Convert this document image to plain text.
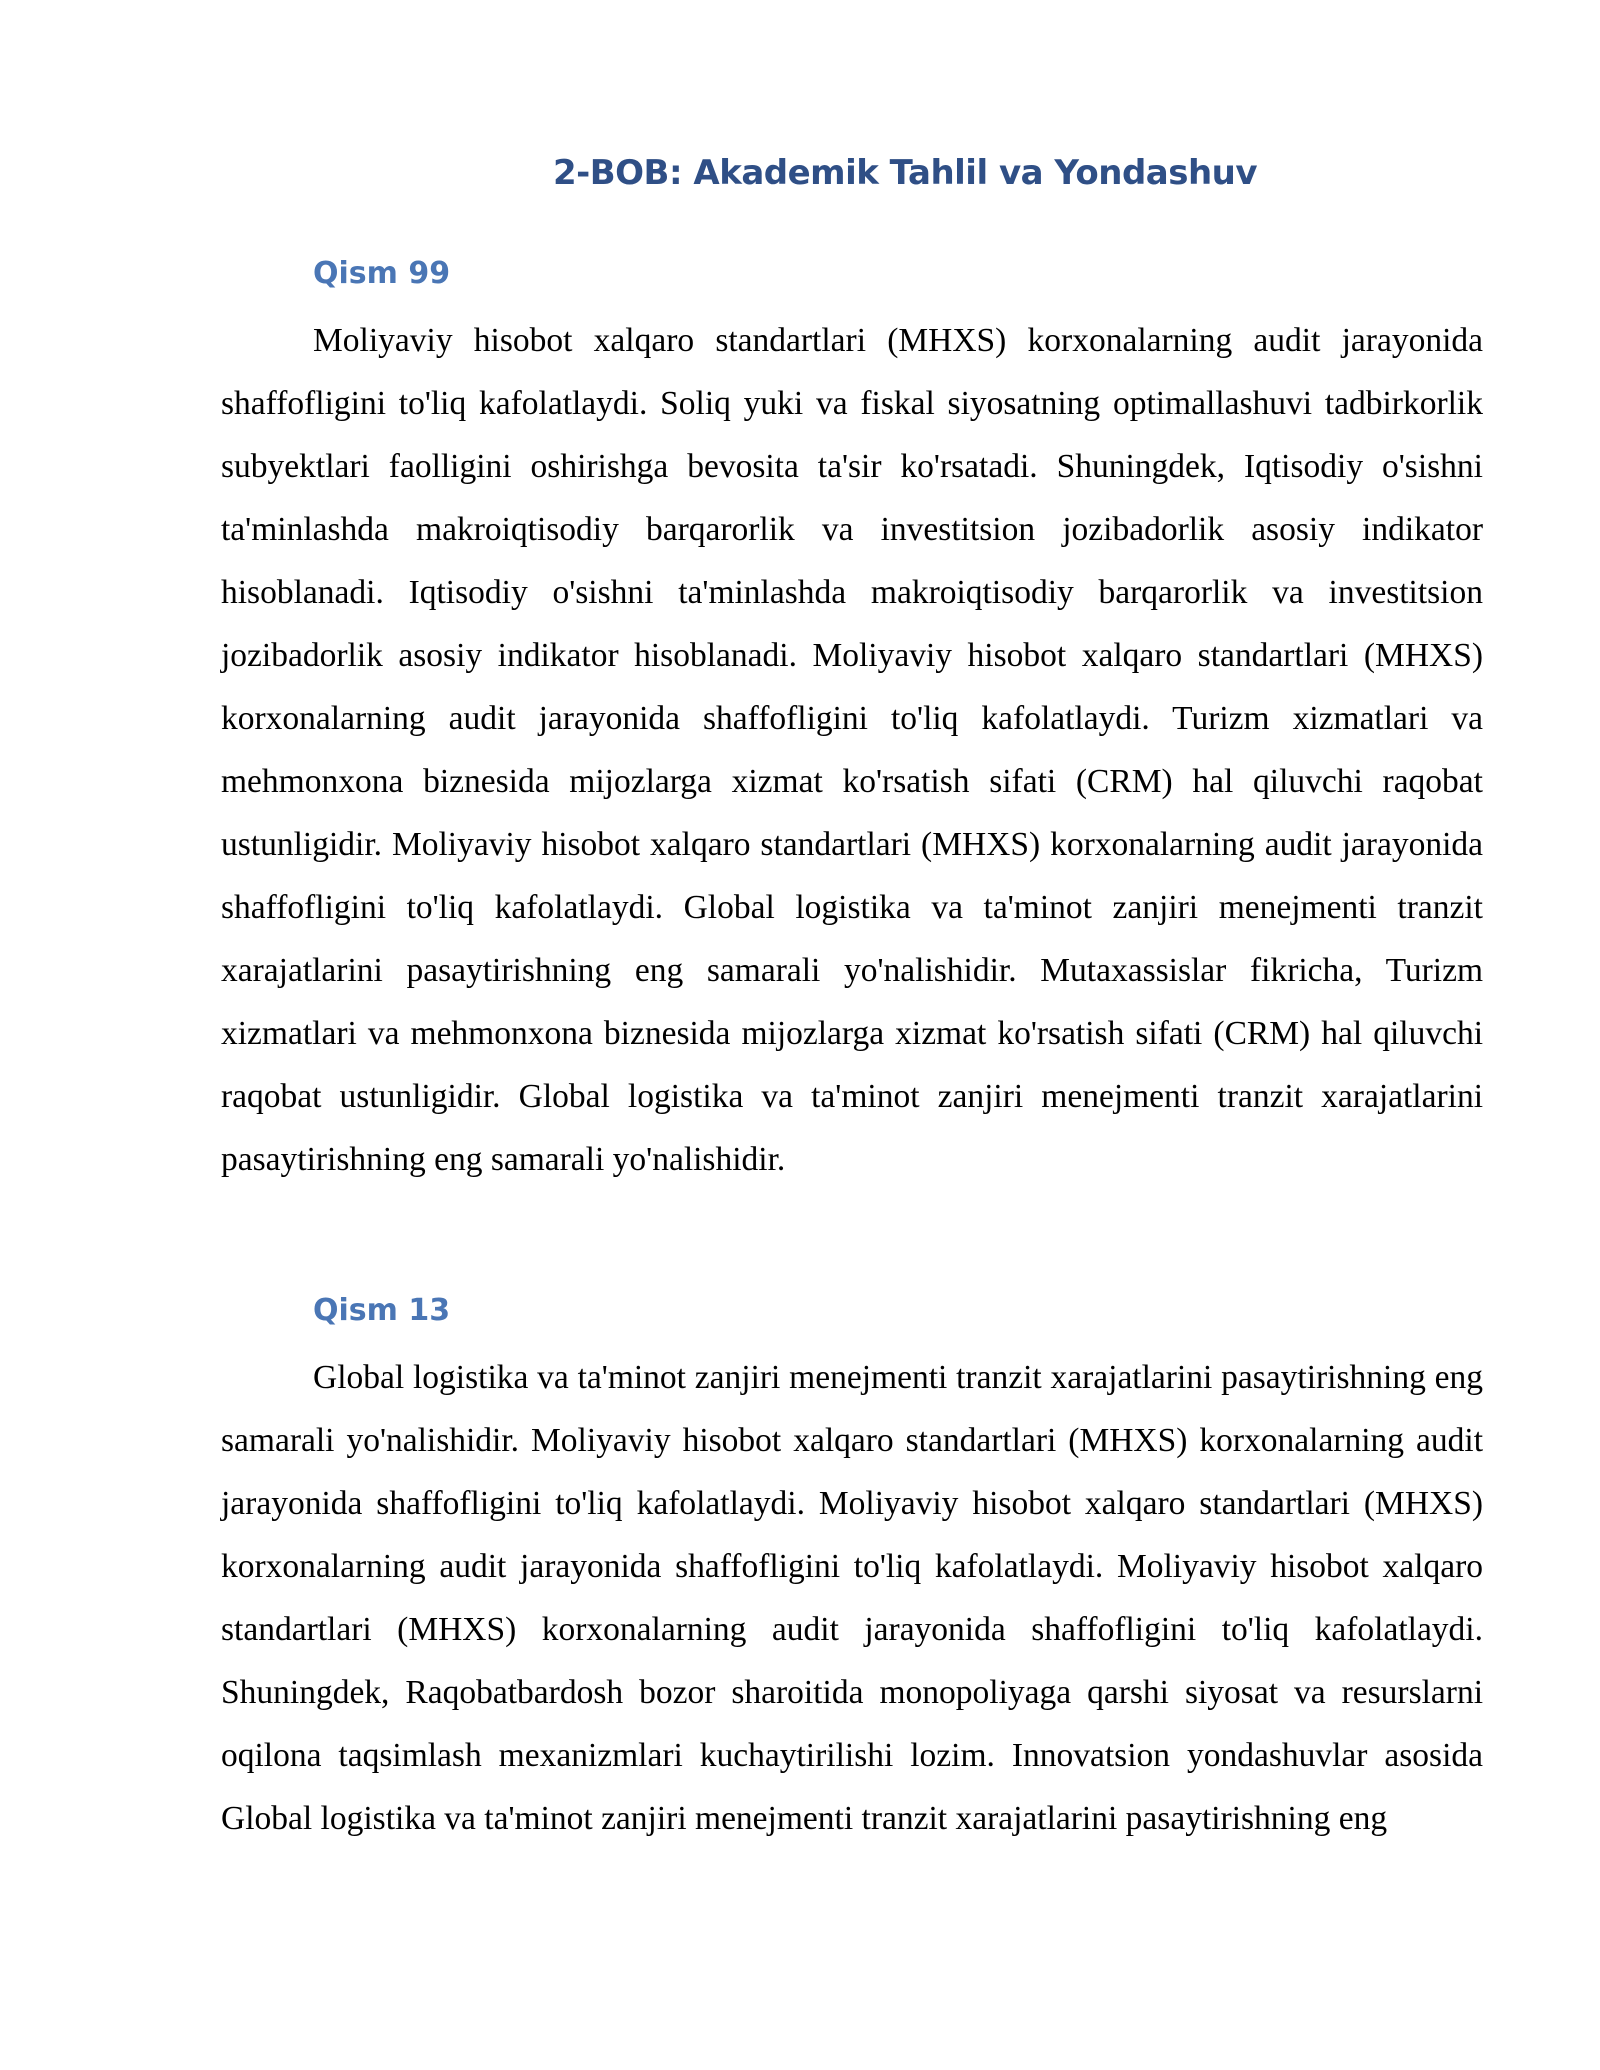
2-BOB: Akademik Tahlil va Yondashuv
Qism 99

Moliyaviy hisobot xalqaro standartlari (MHXS) korxonalarning audit jarayonida shaffofligini to'liq kafolatlaydi. Soliq yuki va fiskal siyosatning optimallashuvi tadbirkorlik subyektlari faolligini oshirishga bevosita ta'sir ko'rsatadi. Shuningdek, Iqtisodiy o'sishni ta'minlashda makroiqtisodiy barqarorlik va investitsion jozibadorlik asosiy indikator hisoblanadi. Iqtisodiy o'sishni ta'minlashda makroiqtisodiy barqarorlik va investitsion jozibadorlik asosiy indikator hisoblanadi. Moliyaviy hisobot xalqaro standartlari (MHXS) korxonalarning audit jarayonida shaffofligini to'liq kafolatlaydi. Turizm xizmatlari va mehmonxona biznesida mijozlarga xizmat ko'rsatish sifati (CRM) hal qiluvchi raqobat ustunligidir. Moliyaviy hisobot xalqaro standartlari (MHXS) korxonalarning audit jarayonida shaffofligini to'liq kafolatlaydi. Global logistika va ta'minot zanjiri menejmenti tranzit xarajatlarini pasaytirishning eng samarali yo'nalishidir. Mutaxassislar fikricha, Turizm xizmatlari va mehmonxona biznesida mijozlarga xizmat ko'rsatish sifati (CRM) hal qiluvchi raqobat ustunligidir. Global logistika va ta'minot zanjiri menejmenti tranzit xarajatlarini pasaytirishning eng samarali yo'nalishidir.

Qism 13

Global logistika va ta'minot zanjiri menejmenti tranzit xarajatlarini pasaytirishning eng samarali yo'nalishidir. Moliyaviy hisobot xalqaro standartlari (MHXS) korxonalarning audit jarayonida shaffofligini to'liq kafolatlaydi. Moliyaviy hisobot xalqaro standartlari (MHXS) korxonalarning audit jarayonida shaffofligini to'liq kafolatlaydi. Moliyaviy hisobot xalqaro standartlari (MHXS) korxonalarning audit jarayonida shaffofligini to'liq kafolatlaydi. Shuningdek, Raqobatbardosh bozor sharoitida monopoliyaga qarshi siyosat va resurslarni oqilona taqsimlash mexanizmlari kuchaytirilishi lozim. Innovatsion yondashuvlar asosida Global logistika va ta'minot zanjiri menejmenti tranzit xarajatlarini pasaytirishning eng
